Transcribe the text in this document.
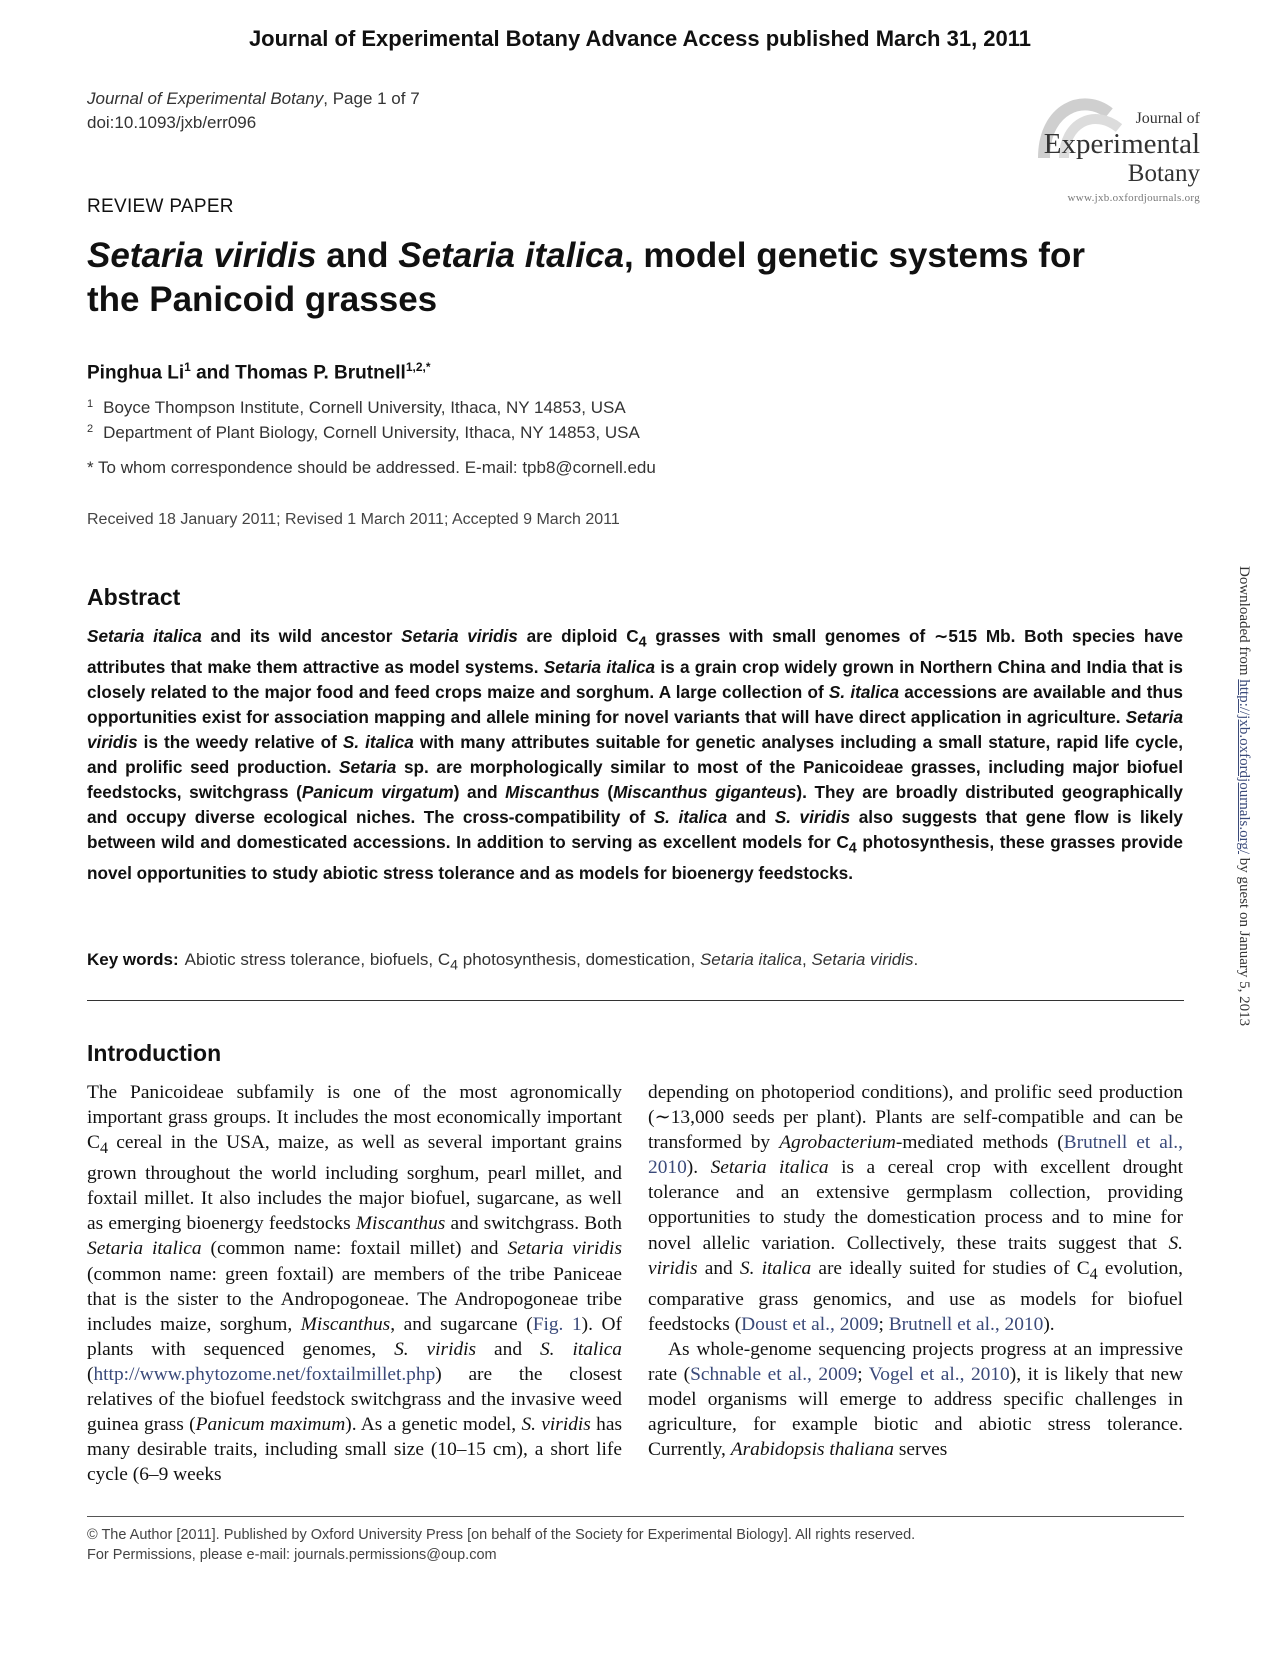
Journal of Experimental Botany Advance Access published March 31, 2011
Journal of Experimental Botany, Page 1 of 7
doi:10.1093/jxb/err096	Journal of
Experimental
Botany
www.jxb.oxfordjournals.org
REVIEW PAPER
Setaria viridis and Setaria italica, model genetic systems for
the Panicoid grasses
Pinghua Li$^1$ and Thomas P. Brutnell$^{1,2,*}$
$^1$ Boyce Thompson Institute, Cornell University, Ithaca, NY 14853, USA
$^2$ Department of Plant Biology, Cornell University, Ithaca, NY 14853, USA
* To whom correspondence should be addressed. E-mail: tpb8@cornell.edu
Received 18 January 2011; Revised 1 March 2011; Accepted 9 March 2011
Abstract
Setaria italica and its wild ancestor Setaria viridis are diploid $C_4$ grasses with small genomes of ∼515 Mb. Both species have attributes that make them attractive as model systems. Setaria italica is a grain crop widely grown in Northern China and India that is closely related to the major food and feed crops maize and sorghum. A large collection of S. italica accessions are available and thus opportunities exist for association mapping and allele mining for novel variants that will have direct application in agriculture. Setaria viridis is the weedy relative of S. italica with many attributes suitable for genetic analyses including a small stature, rapid life cycle, and prolific seed production. Setaria sp. are morphologically similar to most of the Panicoideae grasses, including major biofuel feedstocks, switchgrass (Panicum virgatum) and Miscanthus (Miscanthus giganteus). They are broadly distributed geographically and occupy diverse ecological niches. The cross-compatibility of S. italica and S. viridis also suggests that gene flow is likely between wild and domesticated accessions. In addition to serving as excellent models for $C_4$ photosynthesis, these grasses provide novel opportunities to study abiotic stress tolerance and as models for bioenergy feedstocks.
Key words: Abiotic stress tolerance, biofuels, $C_4$ photosynthesis, domestication, Setaria italica, Setaria viridis.
Introduction

The Panicoideae subfamily is one of the most agronomically important grass groups. It includes the most economically important $C_4$ cereal in the USA, maize, as well as several important grains grown throughout the world including sorghum, pearl millet, and foxtail millet. It also includes the major biofuel, sugarcane, as well as emerging bioenergy feedstocks Miscanthus and switchgrass. Both Setaria italica (common name: foxtail millet) and Setaria viridis (common name: green foxtail) are members of the tribe Paniceae that is the sister to the Andropogoneae. The Andropogoneae tribe includes maize, sorghum, Miscanthus, and sugarcane (Fig. 1). Of plants with sequenced genomes, S. viridis and S. italica (http://www.phytozome.net/foxtailmillet.php) are the closest relatives of the biofuel feedstock switchgrass and the invasive weed guinea grass (Panicum maximum). As a genetic model, S. viridis has many desirable traits, including small size (10–15 cm), a short life cycle (6–9 weeks

depending on photoperiod conditions), and prolific seed production (∼13,000 seeds per plant). Plants are self-compatible and can be transformed by Agrobacterium-mediated methods (Brutnell et al., 2010). Setaria italica is a cereal crop with excellent drought tolerance and an extensive germplasm collection, providing opportunities to study the domestication process and to mine for novel allelic variation. Collectively, these traits suggest that S. viridis and S. italica are ideally suited for studies of $C_4$ evolution, comparative grass genomics, and use as models for biofuel feedstocks (Doust et al., 2009; Brutnell et al., 2010).

As whole-genome sequencing projects progress at an impressive rate (Schnable et al., 2009; Vogel et al., 2010), it is likely that new model organisms will emerge to address specific challenges in agriculture, for example biotic and abiotic stress tolerance. Currently, Arabidopsis thaliana serves

© The Author [2011]. Published by Oxford University Press [on behalf of the Society for Experimental Biology]. All rights reserved.
For Permissions, please e-mail: journals.permissions@oup.com
Downloaded from http://jxb.oxfordjournals.org/ by guest on January 5, 2013
